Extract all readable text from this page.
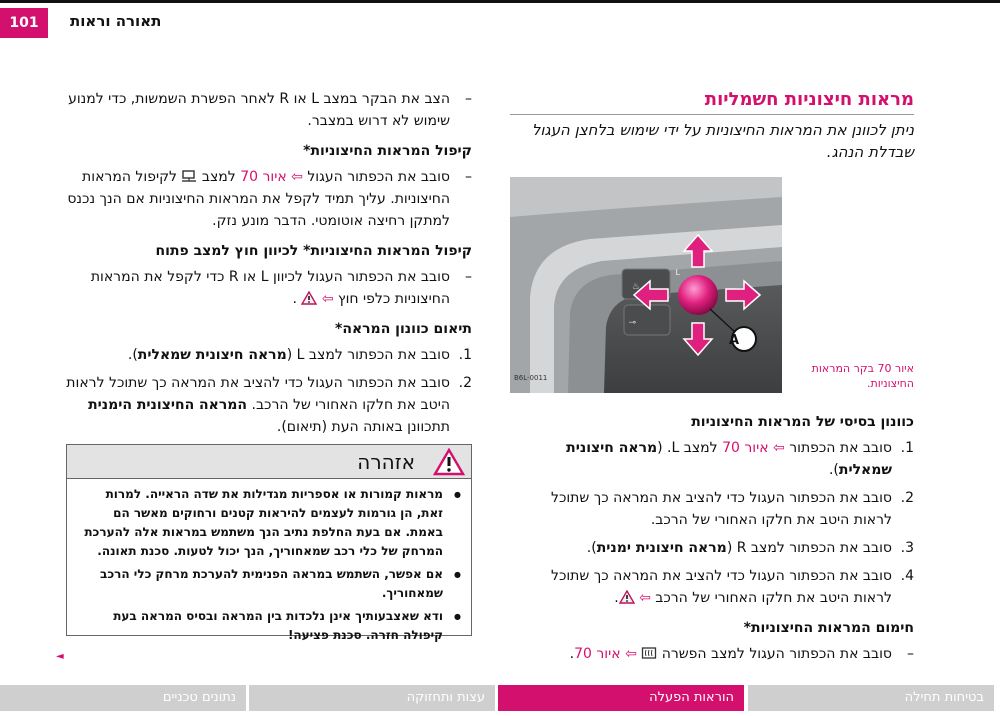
101	תאורה וראות
– הצב את הבקר במצב L או R לאחר הפשרת השמשות, כדי למנוע שימוש לא דרוש במצבר.
קיפול המראות החיצוניות*
– סובב את הכפתור העגול ⇦ איור 70 למצב  לקיפול המראות החיצוניות. עליך תמיד לקפל את המראות החיצוניות אם הנך נכנס למתקן רחיצה אוטומטי. הדבר מונע נזק.
קיפול המראות החיצוניות* לכיוון חוץ למצב פתוח
– סובב את הכפתור העגול לכיוון L או R כדי לקפל את המראות החיצוניות כלפי חוץ ⇦  .
תיאום כוונון המראה*
.1
סובב את הכפתור למצב L (מראה חיצונית שמאלית).
.2
סובב את הכפתור העגול כדי להציב את המראה כך שתוכל לראות היטב את חלקו האחורי של הרכב. המראה החיצונית הימנית תתכוונן באותה העת (תיאום).
אזהרה
● מראות קמורות או אספריות מגדילות את שדה הראייה. למרות זאת, הן גורמות לעצמים להיראות קטנים ורחוקים מאשר הם באמת. אם בעת החלפת נתיב הנך משתמש במראות אלה להערכת המרחק של כלי רכב שמאחוריך, הנך יכול לטעות. סכנת תאונה.
● אם אפשר, השתמש במראה הפנימית להערכת מרחק כלי הרכב שמאחוריך.
● ודא שאצבעותיך אינן נלכדות בין המראה ובסיס המראה בעת קיפולה חזרה. סכנת פציעה!
◄
מראות חיצוניות חשמליות
ניתן לכוונן את המראות החיצוניות על ידי שימוש בלחצן העגול שבדלת הנהג.
♨
⊸
L
A
B6L-0011
איור 70 בקר המראות החיצוניות.
כוונון בסיסי של המראות החיצוניות
.1
סובב את הכפתור ⇦ איור 70 למצב L. (מראה חיצונית שמאלית).
.2
סובב את הכפתור העגול כדי להציב את המראה כך שתוכל לראות היטב את חלקו האחורי של הרכב.
.3
סובב את הכפתור למצב R (מראה חיצונית ימנית).
.4
סובב את הכפתור העגול כדי להציב את המראה כך שתוכל לראות היטב את חלקו האחורי של הרכב ⇦ .
חימום המראות החיצוניות*
– סובב את הכפתור העגול למצב הפשרה  ⇦ איור 70.
בטיחות תחילה
הוראות הפעלה
עצות ותחזוקה
נתונים טכניים
